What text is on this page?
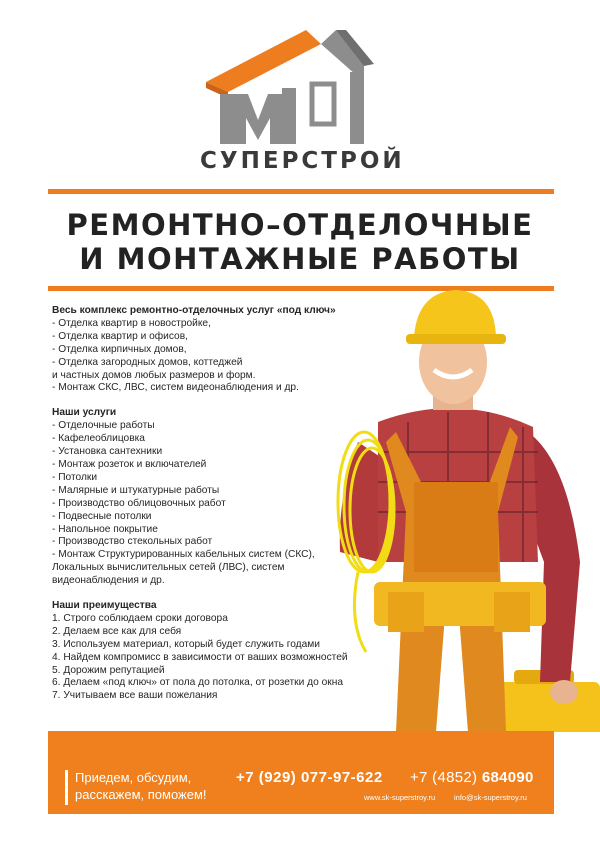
СУПЕРСТРОЙ
РЕМОНТНО–ОТДЕЛОЧНЫЕ
И МОНТАЖНЫЕ РАБОТЫ
Весь комплекс ремонтно-отделочных услуг «под ключ»
- Отделка квартир в новостройке,
- Отделка квартир и офисов,
- Отделка кирпичных домов,
- Отделка загородных домов, коттеджей
и частных домов любых размеров и форм.
- Монтаж СКС, ЛВС, систем видеонаблюдения и др.
Наши услуги
- Отделочные работы
- Кафелеоблицовка
- Установка сантехники
- Монтаж розеток и включателей
- Потолки
- Малярные и штукатурные работы
- Производство облицовочных работ
- Подвесные потолки
- Напольное покрытие
- Производство стекольных работ
- Монтаж Структурированных кабельных систем (СКС),
Локальных вычислительных сетей (ЛВС), систем
видеонаблюдения и др.
Наши преимущества
1. Строго соблюдаем сроки договора
2. Делаем все как для себя
3. Используем материал, который будет служить годами
4. Найдем компромисс в зависимости от ваших возможностей
5. Дорожим репутацией
6. Делаем «под ключ» от пола до потолка, от розетки до окна
7. Учитываем все ваши пожелания
Приедем, обсудим,
расскажем, поможем!
+7 (929) 077-97-622 +7 (4852) 684090
www.sk-superstroy.ru	info@sk-superstroy.ru
